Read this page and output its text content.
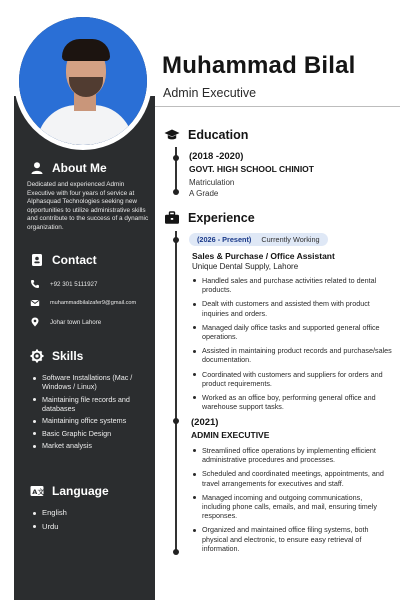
About Me
Dedicated and experienced Admin Executive with four years of service at Alphasquad Technologies seeking new opportunities to utilize administrative skills and contribute to the success of a dynamic organization.
Contact
+92 301 5111927
muhammadbilalzafer9@gmail.com
Johar town Lahore
Skills
Software Installations (Mac / Windows / Linux)
Maintaining file records and databases
Maintaining office systems
Basic Graphic Design
Market analysis
A 文 Language
English
Urdu
Muhammad Bilal
Admin Executive
Education
(2018 -2020)
GOVT. HIGH SCHOOL CHINIOT
Matriculation
A Grade
Experience
(2026 - Present) Currently Working
Sales & Purchase / Office Assistant
Unique Dental Supply, Lahore
Handled sales and purchase activities related to dental products.
Dealt with customers and assisted them with product inquiries and orders.
Managed daily office tasks and supported general office operations.
Assisted in maintaining product records and purchase/sales documentation.
Coordinated with customers and suppliers for orders and product requirements.
Worked as an office boy, performing general office and warehouse support tasks.
(2021)
ADMIN EXECUTIVE
Streamlined office operations by implementing efficient administrative procedures and processes.
Scheduled and coordinated meetings, appointments, and travel arrangements for executives and staff.
Managed incoming and outgoing communications, including phone calls, emails, and mail, ensuring timely responses.
Organized and maintained office filing systems, both physical and electronic, to ensure easy retrieval of information.
